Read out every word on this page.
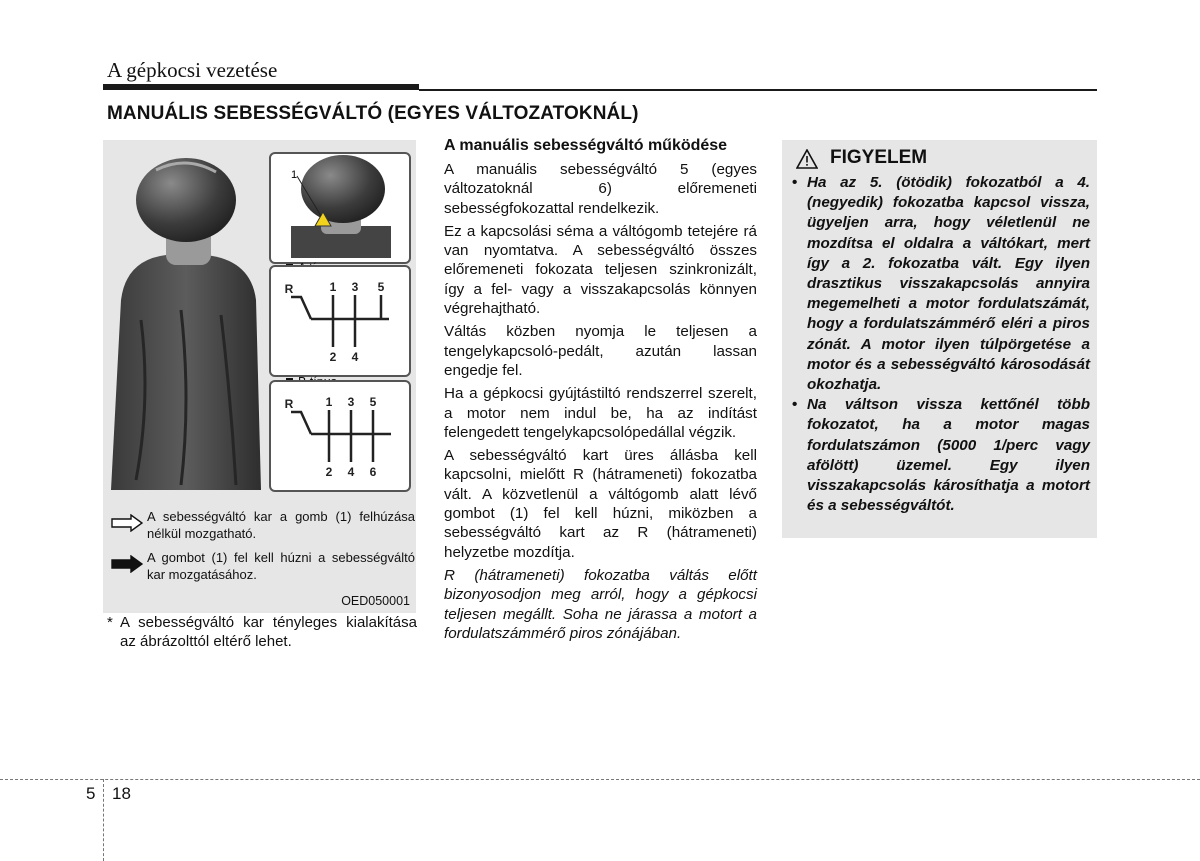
A gépkocsi vezetése
MANUÁLIS SEBESSÉGVÁLTÓ (EGYES VÁLTOZATOKNÁL)
1
R	1 3 5
2 4
R	1 3 5
2 4 6
A sebességváltó kar a gomb (1) felhúzása nélkül mozgatható.
A gombot (1) fel kell húzni a sebességváltó kar mozgatásához.
OED050001
* A sebességváltó kar tényleges kialakítása az ábrázolttól eltérő lehet.
A manuális sebességváltó működése

A manuális sebességváltó 5 (egyes változatoknál 6) előremeneti sebességfokozattal rendelkezik.

Ez a kapcsolási séma a váltógomb tetejére rá van nyomtatva. A sebességváltó összes előremeneti fokozata teljesen szinkronizált, így a fel- vagy a visszakapcsolás könnyen végrehajtható.

Váltás közben nyomja le teljesen a tengelykapcsoló-pedált, azután lassan engedje fel.

Ha a gépkocsi gyújtástiltó rendszerrel szerelt, a motor nem indul be, ha az indítást felengedett tengelykapcsolópedállal végzik.

A sebességváltó kart üres állásba kell kapcsolni, mielőtt R (hátrameneti) fokozatba vált. A közvetlenül a váltógomb alatt lévő gombot (1) fel kell húzni, miközben a sebességváltó kart az R (hátrameneti) helyzetbe mozdítja.

R (hátrameneti) fokozatba váltás előtt bizonyosodjon meg arról, hogy a gépkocsi teljesen megállt. Soha ne járassa a motort a fordulatszámmérő piros zónájában.

FIGYELEM
• Ha az 5. (ötödik) fokozatból a 4. (negyedik) fokozatba kapcsol vissza, ügyeljen arra, hogy véletlenül ne mozdítsa el oldalra a váltókart, mert így a 2. fokozatba vált. Egy ilyen drasztikus visszakapcsolás annyira megemelheti a motor fordulatszámát, hogy a fordulatszámmérő eléri a piros zónát. A motor ilyen túlpörgetése a motor és a sebességváltó károsodását okozhatja.
• Na váltson vissza kettőnél több fokozatot, ha a motor magas fordulatszámon (5000 1/perc vagy afölött) üzemel. Egy ilyen visszakapcsolás károsíthatja a motort és a sebességváltót.
5 18
